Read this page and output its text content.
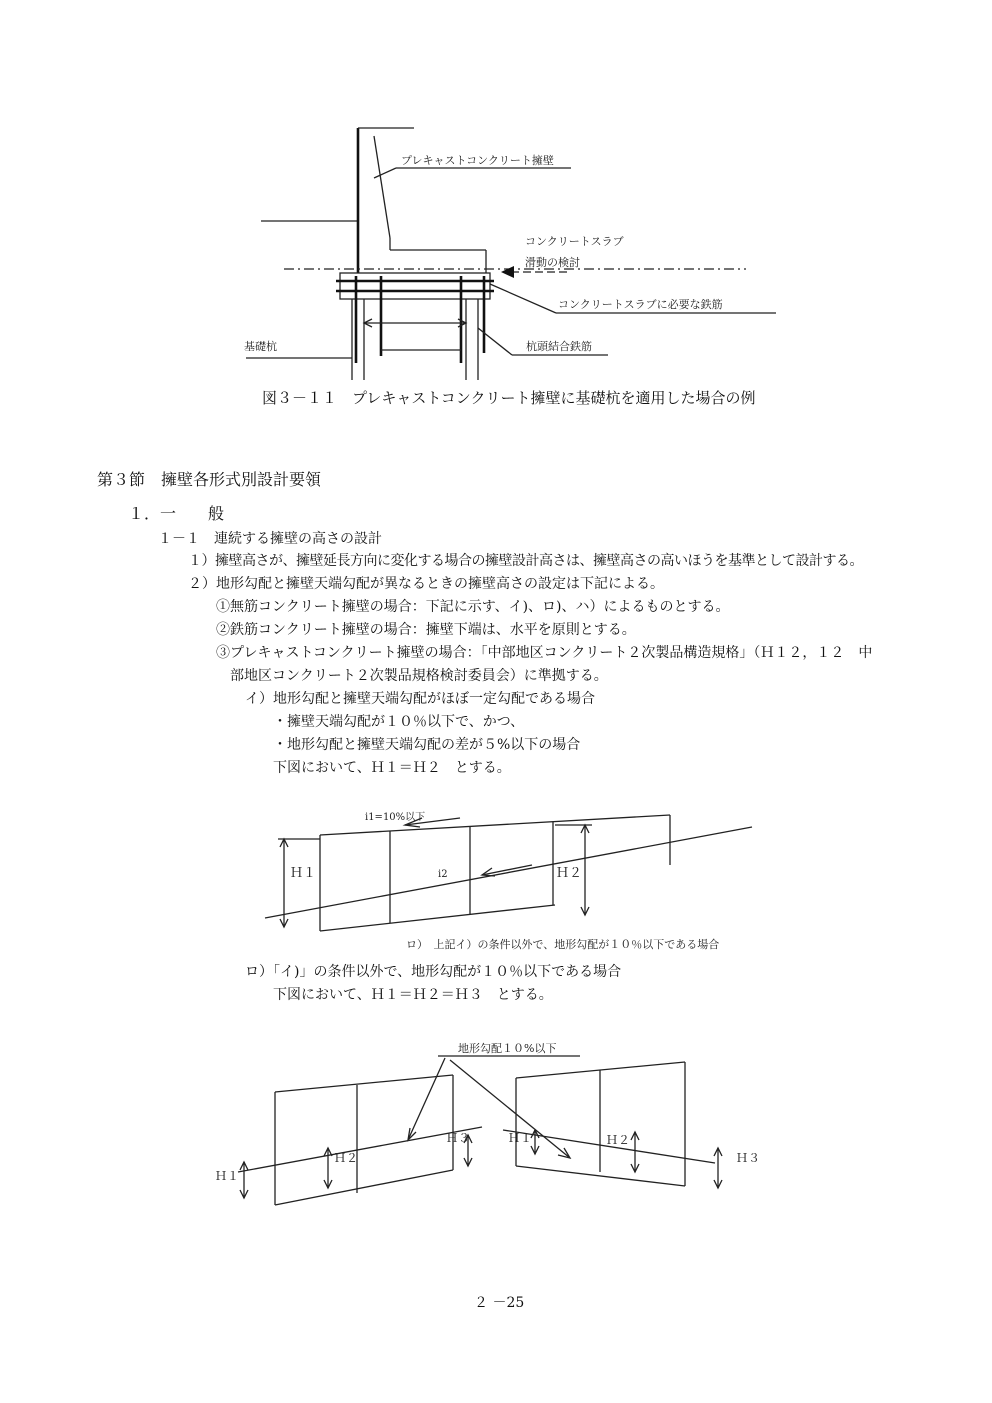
プレキャストコンクリート擁壁
コンクリートスラブ
滑動の検討
コンクリートスラブに必要な鉄筋
基礎杭	杭頭結合鉄筋
図３－１１　プレキャストコンクリート擁壁に基礎杭を適用した場合の例
第３節　擁壁各形式別設計要領
１．一　　般
１－１　連続する擁壁の高さの設計
１）擁壁高さが、擁壁延長方向に変化する場合の擁壁設計高さは、擁壁高さの高いほうを基準として設計する。
２）地形勾配と擁壁天端勾配が異なるときの擁壁高さの設定は下記による。
①無筋コンクリート擁壁の場合：下記に示す、イ)、ロ)、ハ）によるものとする。
②鉄筋コンクリート擁壁の場合：擁壁下端は、水平を原則とする。
③プレキャストコンクリート擁壁の場合：「中部地区コンクリート２次製品構造規格」（Ｈ１２，１２　中
部地区コンクリート２次製品規格検討委員会）に準拠する。
イ）地形勾配と擁壁天端勾配がほぼ一定勾配である場合
・擁壁天端勾配が１０％以下で、かつ、
・地形勾配と擁壁天端勾配の差が５%以下の場合
下図において、Ｈ１＝Ｈ２　とする。
i1=10%以下
i2
Ｈ１	Ｈ２
ロ）　上記イ）の条件以外で、地形勾配が１０％以下である場合
ロ）「イ)」の条件以外で、地形勾配が１０％以下である場合
下図において、Ｈ１＝Ｈ２＝Ｈ３　とする。
地形勾配１０%以下
Ｈ１
Ｈ２
Ｈ３	Ｈ１	Ｈ２
Ｈ３
２ －25
